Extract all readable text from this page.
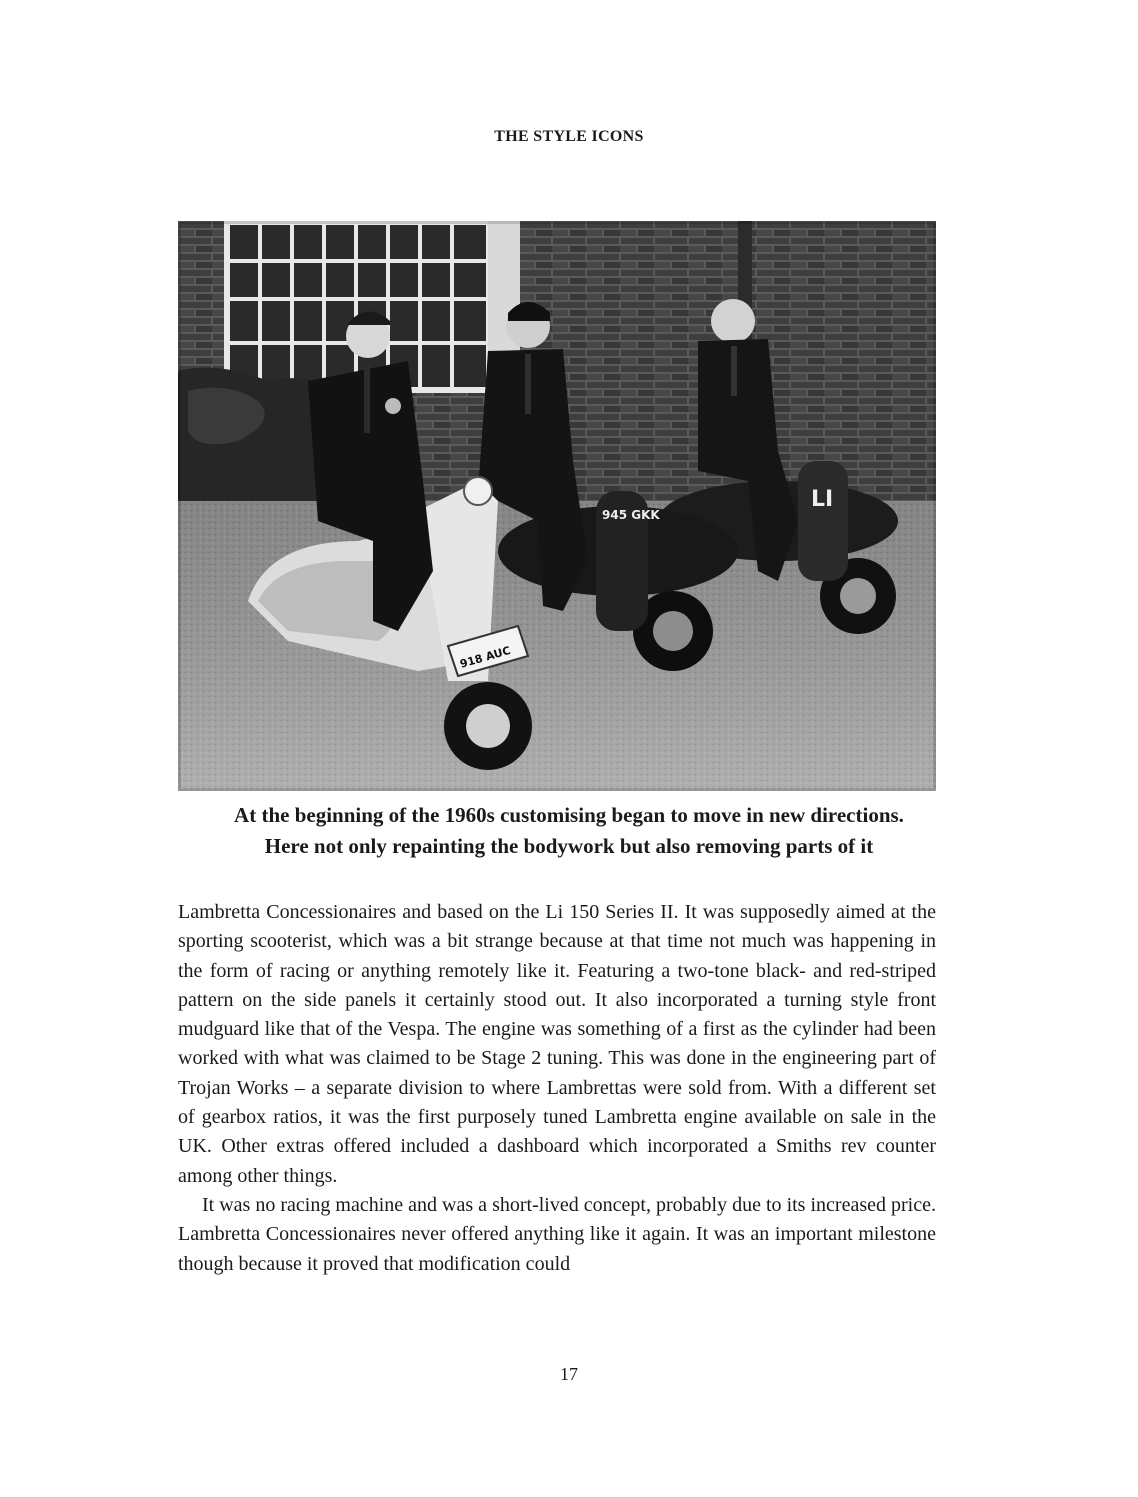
THE STYLE ICONS
LI
945 GKK
918 AUC
At the beginning of the 1960s customising began to move in new directions.
Here not only repainting the bodywork but also removing parts of it

Lambretta Concessionaires and based on the Li 150 Series II. It was supposedly aimed at the sporting scooterist, which was a bit strange because at that time not much was happening in the form of racing or anything remotely like it. Featuring a two-tone black- and red-striped pattern on the side panels it certainly stood out. It also incorporated a turning style front mudguard like that of the Vespa. The engine was something of a first as the cylinder had been worked with what was claimed to be Stage 2 tuning. This was done in the engineering part of Trojan Works – a separate division to where Lambrettas were sold from. With a different set of gearbox ratios, it was the first purposely tuned Lambretta engine available on sale in the UK. Other extras offered included a dashboard which incorporated a Smiths rev counter among other things.

It was no racing machine and was a short-lived concept, probably due to its increased price. Lambretta Concessionaires never offered anything like it again. It was an important milestone though because it proved that modification could

17
